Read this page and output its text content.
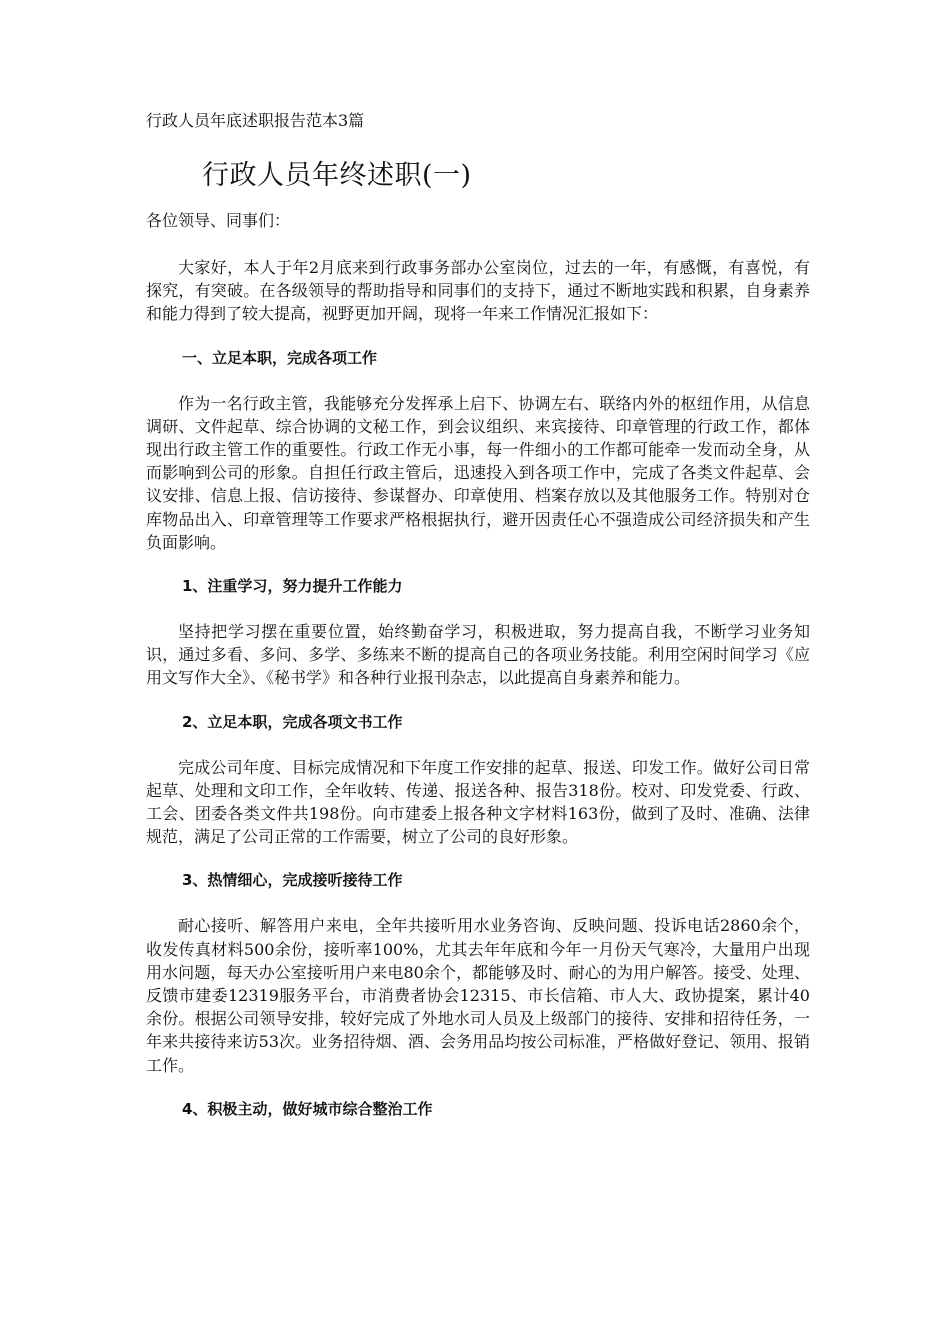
行政人员年底述职报告范本3篇

行政人员年终述职(一)

各位领导、同事们：

大家好，本人于年2月底来到行政事务部办公室岗位，过去的一年，有感慨，有喜悦，有探究，有突破。在各级领导的帮助指导和同事们的支持下，通过不断地实践和积累，自身素养和能力得到了较大提高，视野更加开阔，现将一年来工作情况汇报如下：

一、立足本职，完成各项工作

作为一名行政主管，我能够充分发挥承上启下、协调左右、联络内外的枢纽作用，从信息调研、文件起草、综合协调的文秘工作，到会议组织、来宾接待、印章管理的行政工作，都体现出行政主管工作的重要性。行政工作无小事，每一件细小的工作都可能牵一发而动全身，从而影响到公司的形象。自担任行政主管后，迅速投入到各项工作中，完成了各类文件起草、会议安排、信息上报、信访接待、参谋督办、印章使用、档案存放以及其他服务工作。特别对仓库物品出入、印章管理等工作要求严格根据执行，避开因责任心不强造成公司经济损失和产生负面影响。

1、注重学习，努力提升工作能力

坚持把学习摆在重要位置，始终勤奋学习，积极进取，努力提高自我，不断学习业务知识，通过多看、多问、多学、多练来不断的提高自己的各项业务技能。利用空闲时间学习《应用文写作大全》、《秘书学》和各种行业报刊杂志，以此提高自身素养和能力。

2、立足本职，完成各项文书工作

完成公司年度、目标完成情况和下年度工作安排的起草、报送、印发工作。做好公司日常起草、处理和文印工作，全年收转、传递、报送各种、报告318份。校对、印发党委、行政、工会、团委各类文件共198份。向市建委上报各种文字材料163份，做到了及时、准确、法律规范，满足了公司正常的工作需要，树立了公司的良好形象。

3、热情细心，完成接听接待工作

耐心接听、解答用户来电，全年共接听用水业务咨询、反映问题、投诉电话2860余个，收发传真材料500余份，接听率100%，尤其去年年底和今年一月份天气寒冷，大量用户出现用水问题，每天办公室接听用户来电80余个，都能够及时、耐心的为用户解答。接受、处理、反馈市建委12319服务平台，市消费者协会12315、市长信箱、市人大、政协提案，累计40余份。根据公司领导安排，较好完成了外地水司人员及上级部门的接待、安排和招待任务，一年来共接待来访53次。业务招待烟、酒、会务用品均按公司标准，严格做好登记、领用、报销工作。

4、积极主动，做好城市综合整治工作
